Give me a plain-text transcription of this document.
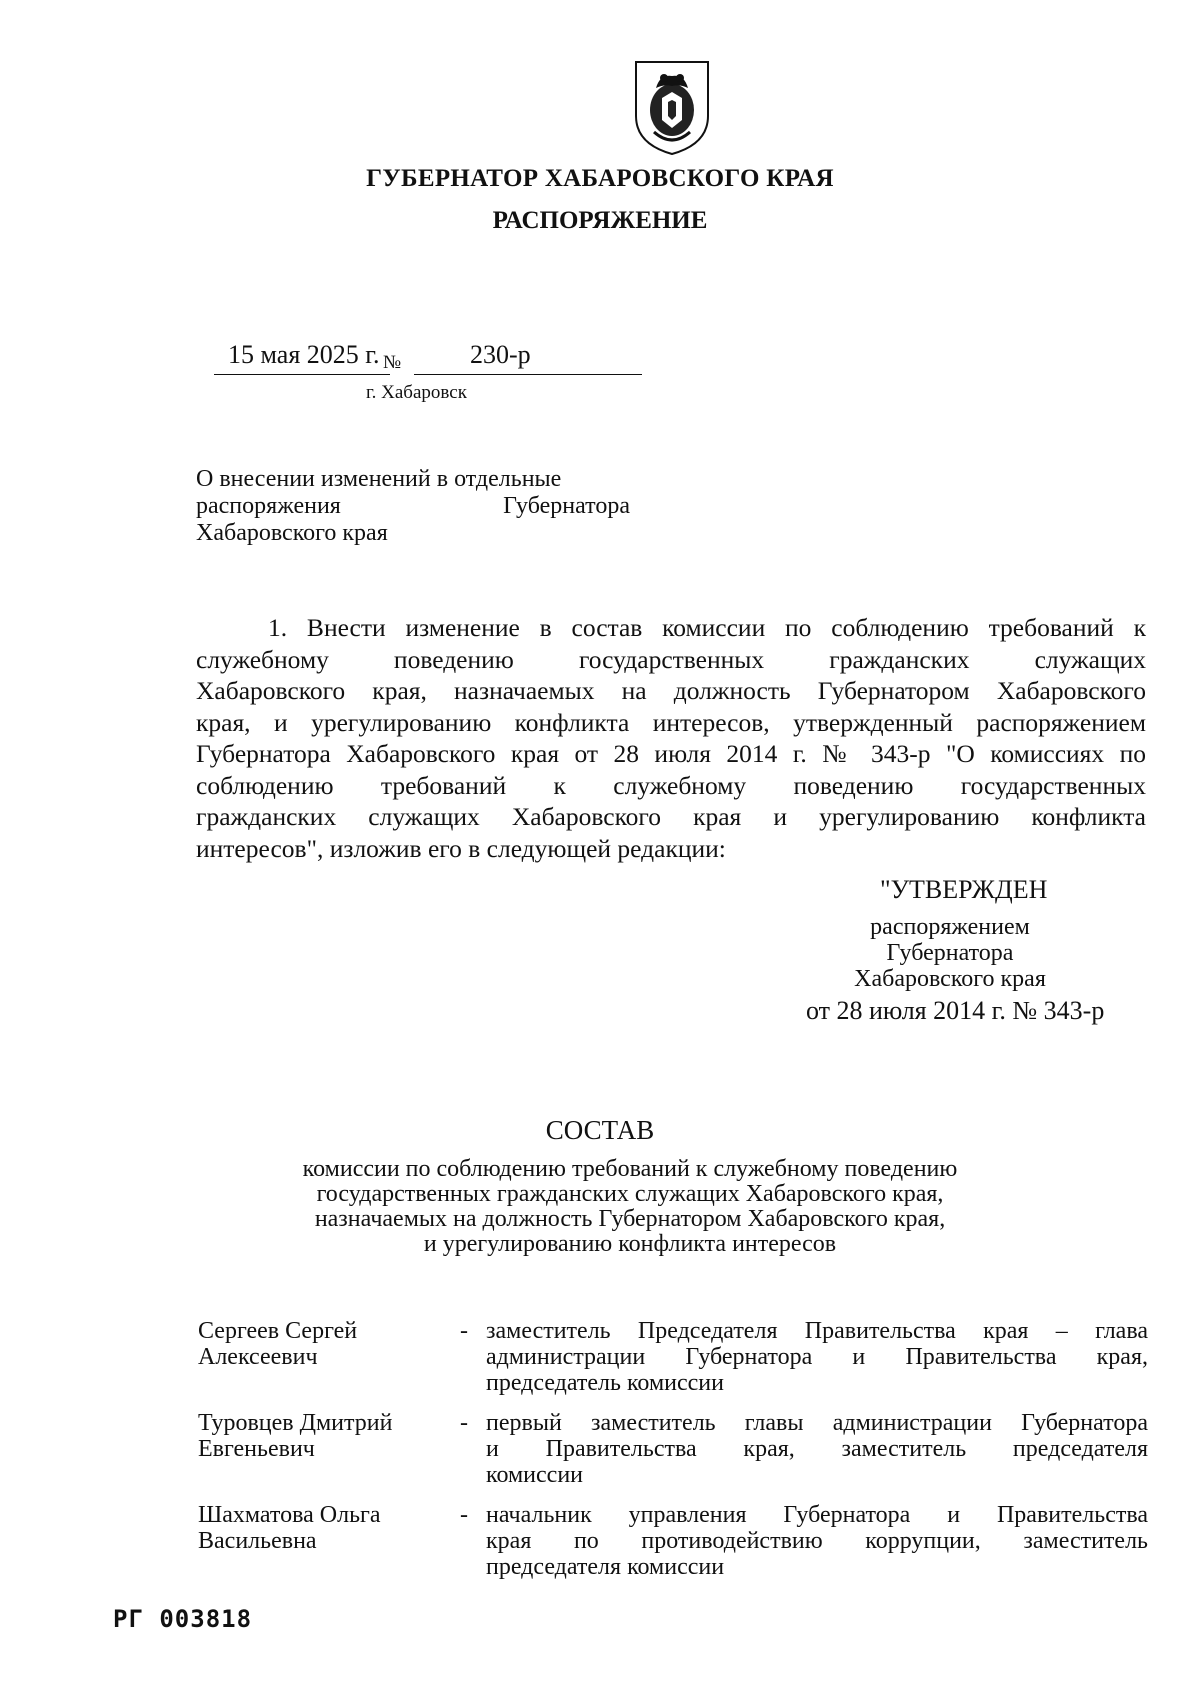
ГУБЕРНАТОР ХАБАРОВСКОГО КРАЯ
РАСПОРЯЖЕНИЕ
15 мая 2025 г. №	230-р
г. Хабаровск
О внесении изменений в отдельные
распоряжения Губернатора
Хабаровского края
1. Внести изменение в состав комиссии по соблюдению требований к
служебному поведению государственных гражданских служащих
Хабаровского края, назначаемых на должность Губернатором Хабаровского
края, и урегулированию конфликта интересов, утвержденный распоряжением
Губернатора Хабаровского края от 28 июля 2014 г. № 343-р "О комиссиях по
соблюдению требований к служебному поведению государственных
гражданских служащих Хабаровского края и урегулированию конфликта
интересов", изложив его в следующей редакции:
"УТВЕРЖДЕН
распоряжением
Губернатора
Хабаровского края
от 28 июля 2014 г. № 343-р
СОСТАВ
комиссии по соблюдению требований к служебному поведению
государственных гражданских служащих Хабаровского края,
назначаемых на должность Губернатором Хабаровского края,
и урегулированию конфликта интересов
Сергеев Сергей
Алексеевич
- заместитель Председателя Правительства края – глава
администрации Губернатора и Правительства края,
председатель комиссии
Туровцев Дмитрий
Евгеньевич
- первый заместитель главы администрации Губернатора
и Правительства края, заместитель председателя
комиссии
Шахматова Ольга
Васильевна
- начальник управления Губернатора и Правительства
края по противодействию коррупции, заместитель
председателя комиссии
РГ 003818
